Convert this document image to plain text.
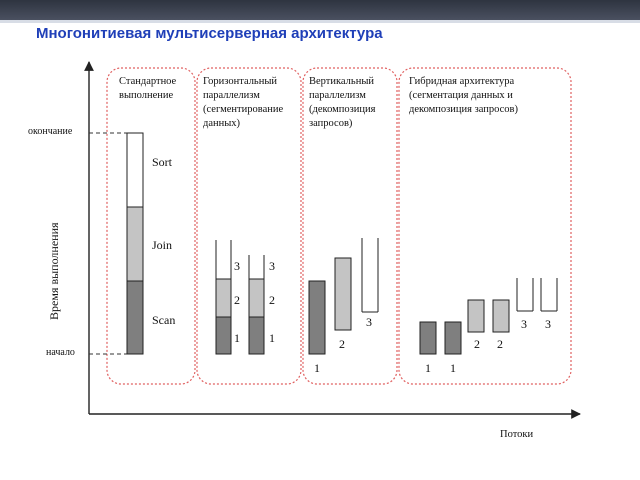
Многонитиевая мультисерверная архитектура
Стандартное выполнение
Горизонтальный параллелизм (сегментирование данных)
Вертикальный параллелизм (декомпозиция запросов)
Гибридная архитектура (сегментация данных и декомпозиция запросов)
Время выполнения
Потоки
окончание
начало
Sort
Join
Scan
3 3
2 2
1 1
1
2
3
1 1
2 2
3 3
